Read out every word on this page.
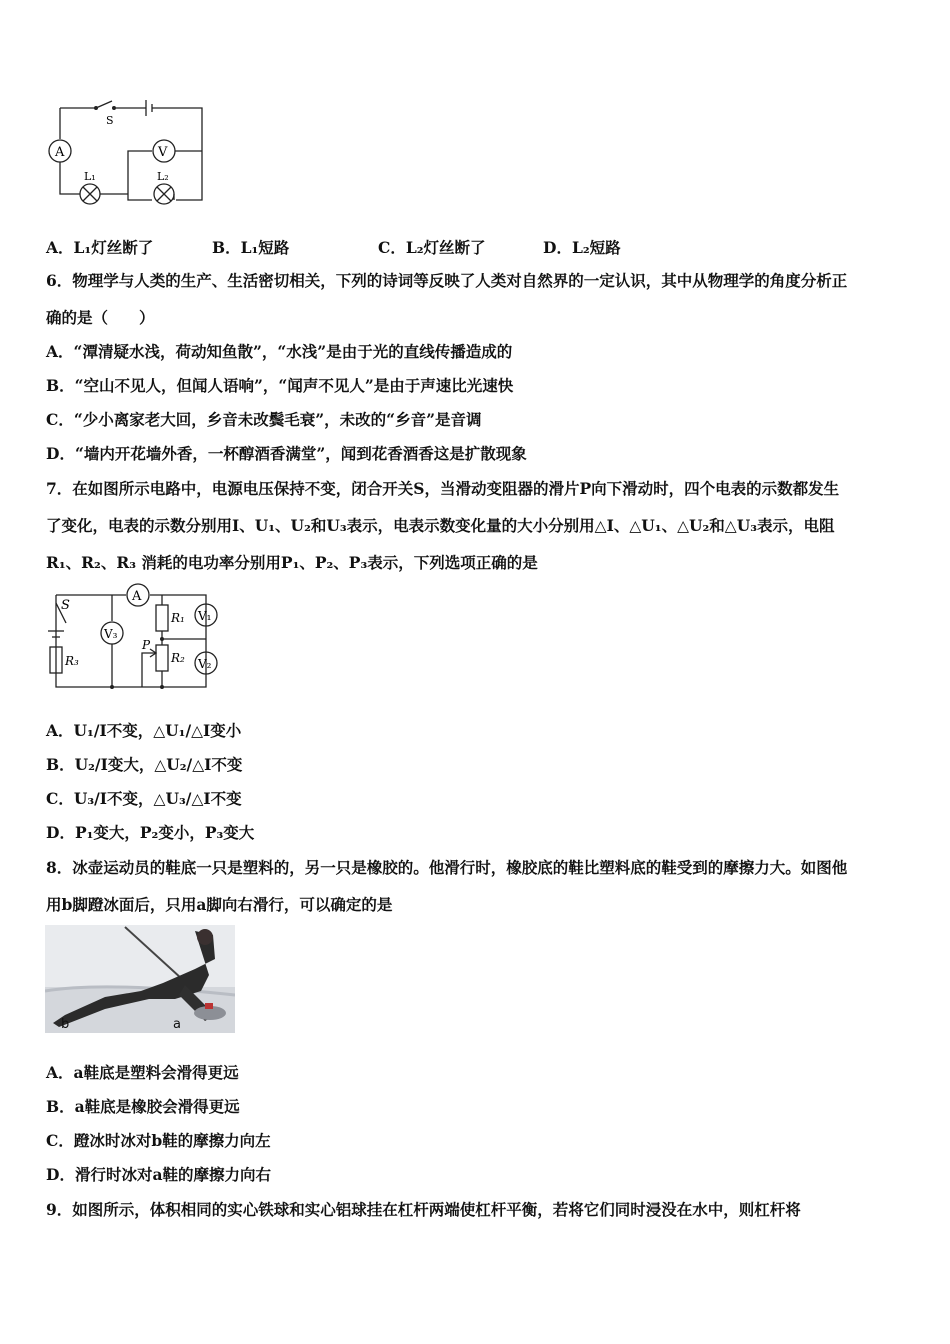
S
A	V
L₁	L₂
A．L₁灯丝断了	B．L₁短路	C．L₂灯丝断了	D．L₂短路
6．物理学与人类的生产、生活密切相关，下列的诗词等反映了人类对自然界的一定认识，其中从物理学的角度分析正
确的是（　　）
A．“潭清疑水浅，荷动知鱼散”，“水浅”是由于光的直线传播造成的
B．“空山不见人，但闻人语响”，“闻声不见人”是由于声速比光速快
C．“少小离家老大回，乡音未改鬓毛衰”，未改的“乡音”是音调
D．“墙内开花墙外香，一杯醇酒香满堂”，闻到花香酒香这是扩散现象
7．在如图所示电路中，电源电压保持不变，闭合开关S，当滑动变阻器的滑片P向下滑动时，四个电表的示数都发生
了变化，电表的示数分别用I、U₁、U₂和U₃表示，电表示数变化量的大小分别用△I、△U₁、△U₂和△U₃表示，电阻
R₁、R₂、R₃ 消耗的电功率分别用P₁、P₂、P₃表示，下列选项正确的是
S
A
V₃
R₁ V₁
P
R₂ V₂
R₃
A．U₁/I不变，△U₁/△I变小
B．U₂/I变大，△U₂/△I不变
C．U₃/I不变，△U₃/△I不变
D．P₁变大，P₂变小，P₃变大
8．冰壶运动员的鞋底一只是塑料的，另一只是橡胶的。他滑行时，橡胶底的鞋比塑料底的鞋受到的摩擦力大。如图他
用b脚蹬冰面后，只用a脚向右滑行，可以确定的是
b	a
A．a鞋底是塑料会滑得更远
B．a鞋底是橡胶会滑得更远
C．蹬冰时冰对b鞋的摩擦力向左
D．滑行时冰对a鞋的摩擦力向右
9．如图所示，体积相同的实心铁球和实心铝球挂在杠杆两端使杠杆平衡，若将它们同时浸没在水中，则杠杆将
